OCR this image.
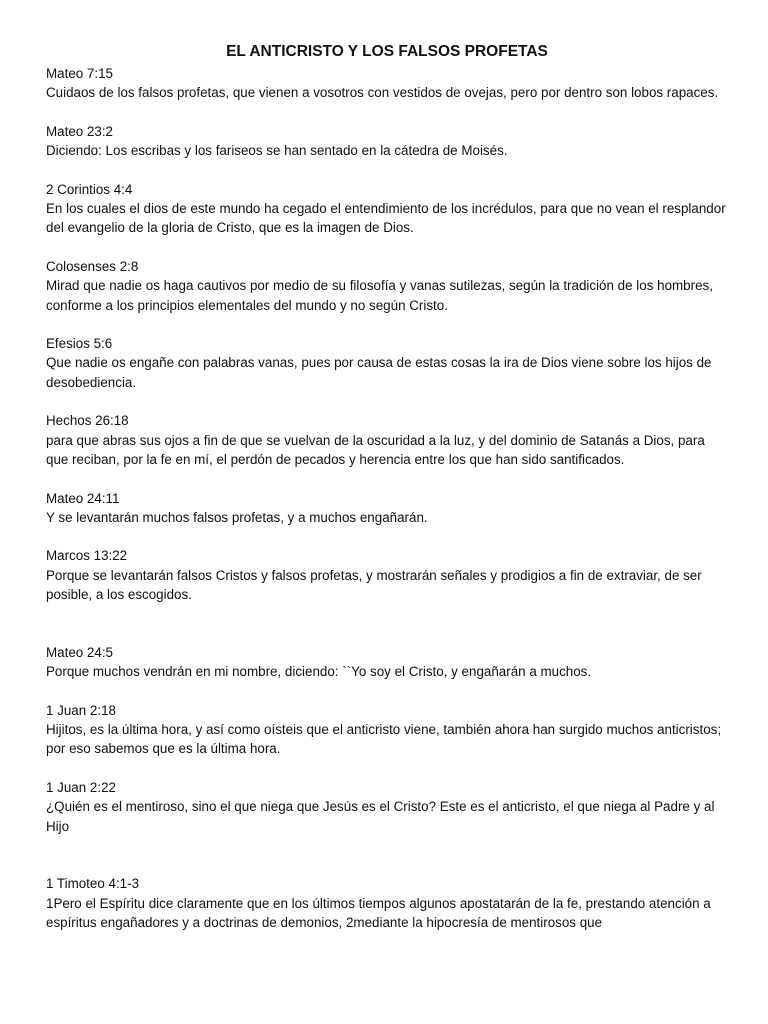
EL ANTICRISTO Y LOS FALSOS PROFETAS
Mateo 7:15
Cuidaos de los falsos profetas, que vienen a vosotros con vestidos de ovejas, pero por dentro son lobos rapaces.
Mateo 23:2
Diciendo: Los escribas y los fariseos se han sentado en la cátedra de Moisés.
2 Corintios 4:4
En los cuales el dios de este mundo ha cegado el entendimiento de los incrédulos, para que no vean el resplandor del evangelio de la gloria de Cristo, que es la imagen de Dios.
Colosenses 2:8
Mirad que nadie os haga cautivos por medio de su filosofía y vanas sutilezas, según la tradición de los hombres, conforme a los principios elementales del mundo y no según Cristo.
Efesios 5:6
Que nadie os engañe con palabras vanas, pues por causa de estas cosas la ira de Dios viene sobre los hijos de desobediencia.
Hechos 26:18
para que abras sus ojos a fin de que se vuelvan de la oscuridad a la luz, y del dominio de Satanás a Dios, para que reciban, por la fe en mí, el perdón de pecados y herencia entre los que han sido santificados.
Mateo 24:11
Y se levantarán muchos falsos profetas, y a muchos engañarán.
Marcos 13:22
Porque se levantarán falsos Cristos y falsos profetas, y mostrarán señales y prodigios a fin de extraviar, de ser posible, a los escogidos.
Mateo 24:5
Porque muchos vendrán en mi nombre, diciendo: ``Yo soy el Cristo, y engañarán a muchos.
1 Juan 2:18
Hijitos, es la última hora, y así como oísteis que el anticristo viene, también ahora han surgido muchos anticristos; por eso sabemos que es la última hora.
1 Juan 2:22
¿Quién es el mentiroso, sino el que niega que Jesús es el Cristo? Este es el anticristo, el que niega al Padre y al Hijo
1 Timoteo 4:1-3
1Pero el Espíritu dice claramente que en los últimos tiempos algunos apostatarán de la fe, prestando atención a espíritus engañadores y a doctrinas de demonios, 2mediante la hipocresía de mentirosos que
